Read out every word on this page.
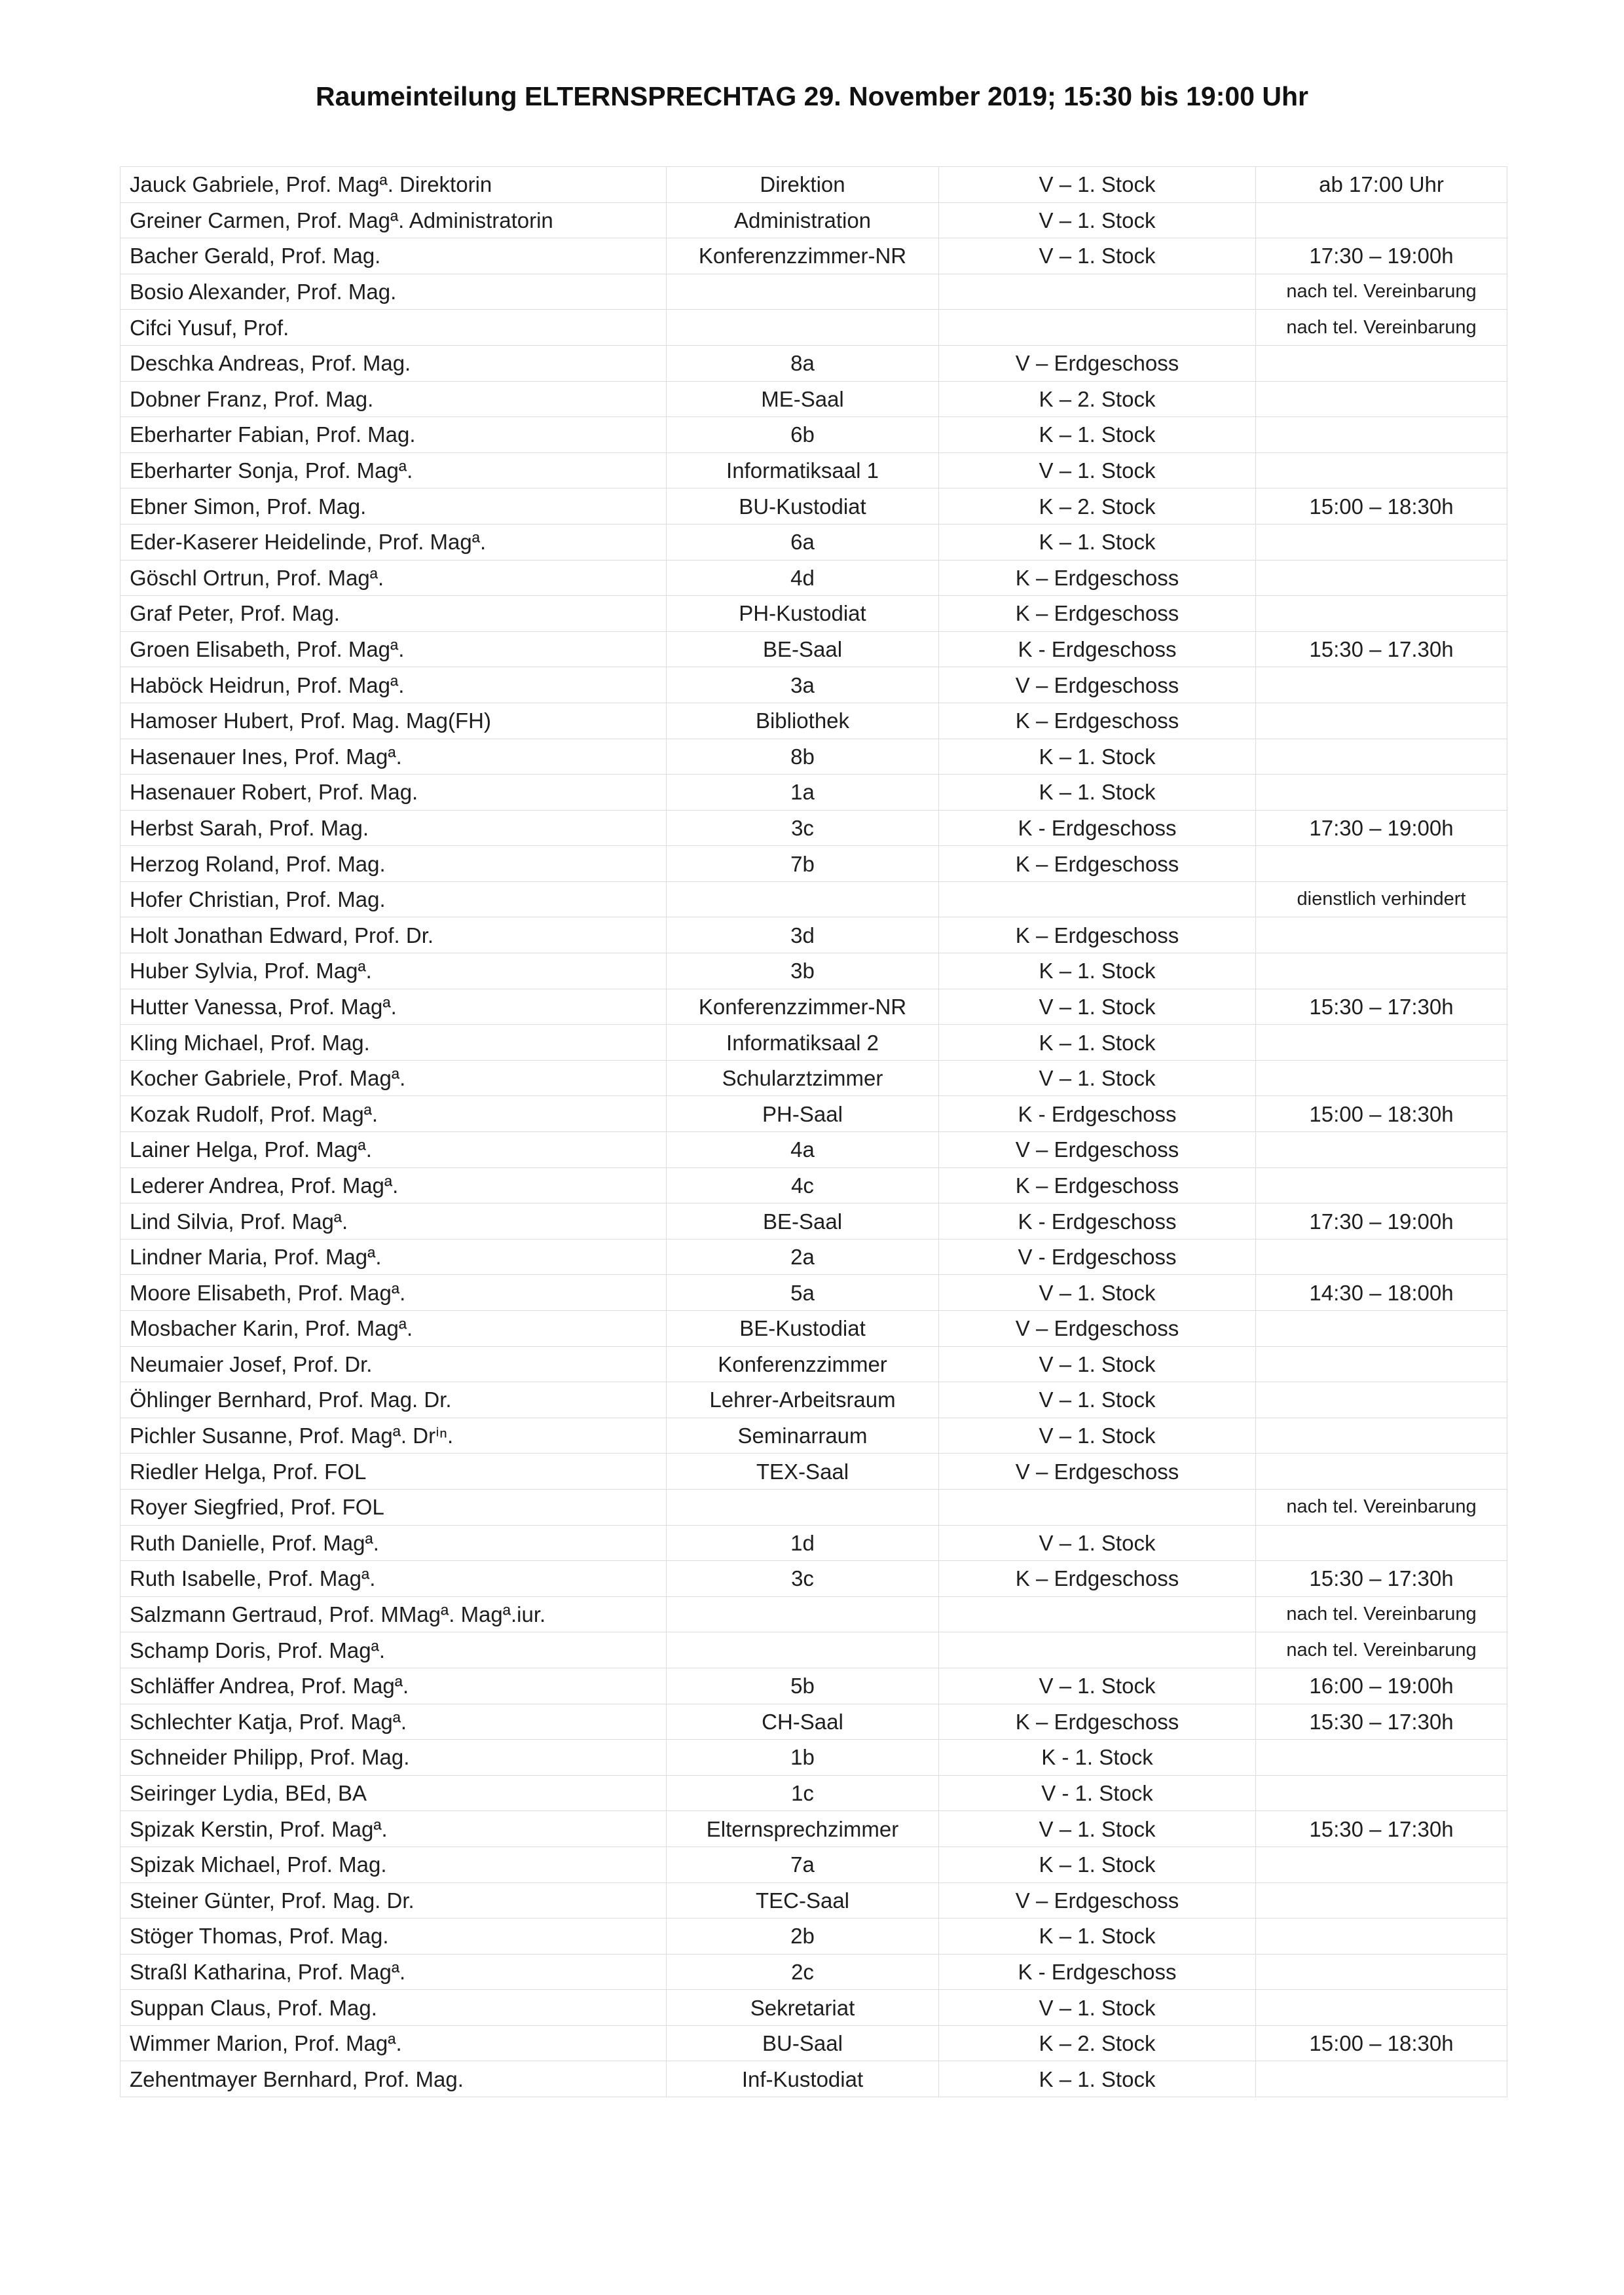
Raumeinteilung ELTERNSPRECHTAG 29. November 2019; 15:30 bis 19:00 Uhr
Jauck Gabriele, Prof. Magª. Direktorin	Direktion	V – 1. Stock	ab 17:00 Uhr
Greiner Carmen, Prof. Magª. Administratorin	Administration	V – 1. Stock	
Bacher Gerald, Prof. Mag.	Konferenzzimmer-NR	V – 1. Stock	17:30 – 19:00h
Bosio Alexander, Prof. Mag.			nach tel. Vereinbarung
Cifci Yusuf, Prof.			nach tel. Vereinbarung
Deschka Andreas, Prof. Mag.	8a	V – Erdgeschoss	
Dobner Franz, Prof. Mag.	ME-Saal	K – 2. Stock	
Eberharter Fabian, Prof. Mag.	6b	K – 1. Stock	
Eberharter Sonja, Prof. Magª.	Informatiksaal 1	V – 1. Stock	
Ebner Simon, Prof. Mag.	BU-Kustodiat	K – 2. Stock	15:00 – 18:30h
Eder-Kaserer Heidelinde, Prof. Magª.	6a	K – 1. Stock	
Göschl Ortrun, Prof. Magª.	4d	K – Erdgeschoss	
Graf Peter, Prof. Mag.	PH-Kustodiat	K – Erdgeschoss	
Groen Elisabeth, Prof. Magª.	BE-Saal	K - Erdgeschoss	15:30 – 17.30h
Haböck Heidrun, Prof. Magª.	3a	V – Erdgeschoss	
Hamoser Hubert, Prof. Mag. Mag(FH)	Bibliothek	K – Erdgeschoss	
Hasenauer Ines, Prof. Magª.	8b	K – 1. Stock	
Hasenauer Robert, Prof. Mag.	1a	K – 1. Stock	
Herbst Sarah, Prof. Mag.	3c	K - Erdgeschoss	17:30 – 19:00h
Herzog Roland, Prof. Mag.	7b	K – Erdgeschoss	
Hofer Christian, Prof. Mag.			dienstlich verhindert
Holt Jonathan Edward, Prof. Dr.	3d	K – Erdgeschoss	
Huber Sylvia, Prof. Magª.	3b	K – 1. Stock	
Hutter Vanessa, Prof. Magª.	Konferenzzimmer-NR	V – 1. Stock	15:30 – 17:30h
Kling Michael, Prof. Mag.	Informatiksaal 2	K – 1. Stock	
Kocher Gabriele, Prof. Magª.	Schularztzimmer	V – 1. Stock	
Kozak Rudolf, Prof. Magª.	PH-Saal	K - Erdgeschoss	15:00 – 18:30h
Lainer Helga, Prof. Magª.	4a	V – Erdgeschoss	
Lederer Andrea, Prof. Magª.	4c	K – Erdgeschoss	
Lind Silvia, Prof. Magª.	BE-Saal	K - Erdgeschoss	17:30 – 19:00h
Lindner Maria, Prof. Magª.	2a	V - Erdgeschoss	
Moore Elisabeth, Prof. Magª.	5a	V – 1. Stock	14:30 – 18:00h
Mosbacher Karin, Prof. Magª.	BE-Kustodiat	V – Erdgeschoss	
Neumaier Josef, Prof. Dr.	Konferenzzimmer	V – 1. Stock	
Öhlinger Bernhard, Prof. Mag. Dr.	Lehrer-Arbeitsraum	V – 1. Stock	
Pichler Susanne, Prof. Magª. Drⁱⁿ.	Seminarraum	V – 1. Stock	
Riedler Helga, Prof. FOL	TEX-Saal	V – Erdgeschoss	
Royer Siegfried, Prof. FOL			nach tel. Vereinbarung
Ruth Danielle, Prof. Magª.	1d	V – 1. Stock	
Ruth Isabelle, Prof. Magª.	3c	K – Erdgeschoss	15:30 – 17:30h
Salzmann Gertraud, Prof. MMagª. Magª.iur.			nach tel. Vereinbarung
Schamp Doris, Prof. Magª.			nach tel. Vereinbarung
Schläffer Andrea, Prof. Magª.	5b	V – 1. Stock	16:00 – 19:00h
Schlechter Katja, Prof. Magª.	CH-Saal	K – Erdgeschoss	15:30 – 17:30h
Schneider Philipp, Prof. Mag.	1b	K - 1. Stock	
Seiringer Lydia, BEd, BA	1c	V - 1. Stock	
Spizak Kerstin, Prof. Magª.	Elternsprechzimmer	V – 1. Stock	15:30 – 17:30h
Spizak Michael, Prof. Mag.	7a	K – 1. Stock	
Steiner Günter, Prof. Mag. Dr.	TEC-Saal	V – Erdgeschoss	
Stöger Thomas, Prof. Mag.	2b	K – 1. Stock	
Straßl Katharina, Prof. Magª.	2c	K - Erdgeschoss	
Suppan Claus, Prof. Mag.	Sekretariat	V – 1. Stock	
Wimmer Marion, Prof. Magª.	BU-Saal	K – 2. Stock	15:00 – 18:30h
Zehentmayer Bernhard, Prof. Mag.	Inf-Kustodiat	K – 1. Stock	
